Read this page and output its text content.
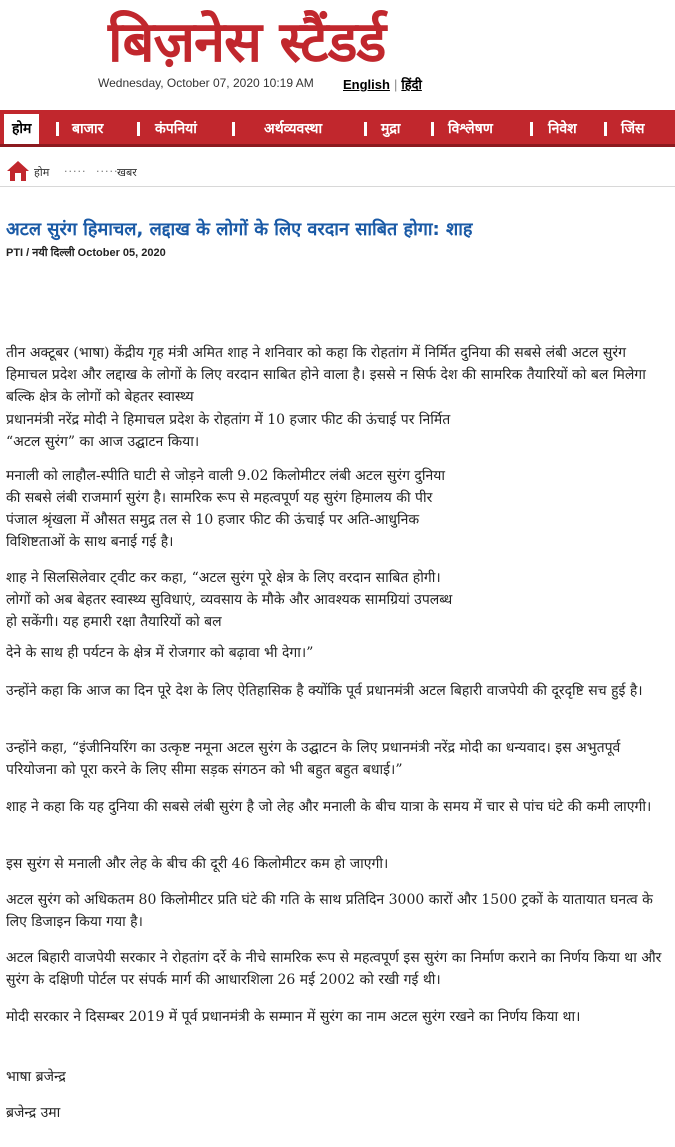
बिज़नेस स्टैंडर्ड
Wednesday, October 07, 2020 10:19 AM English | हिंदी
होम	बाजार	कंपनियां	अर्थव्यवस्था	मुद्रा	विश्लेषण	निवेश	जिंस
होम ····· ·····
खबर
अटल सुरंग हिमाचल, लद्दाख के लोगों के लिए वरदान साबित होगा: शाह
PTI / नयी दिल्ली October 05, 2020

तीन अक्टूबर (भाषा) केंद्रीय गृह मंत्री अमित शाह ने शनिवार को कहा कि रोहतांग में निर्मित दुनिया की सबसे लंबी अटल सुरंग हिमाचल प्रदेश और लद्दाख के लोगों के लिए वरदान साबित होने वाला है। इससे न सिर्फ देश की सामरिक तैयारियों को बल मिलेगा बल्कि क्षेत्र के लोगों को बेहतर स्वास्थ्य

प्रधानमंत्री नरेंद्र मोदी ने हिमाचल प्रदेश के रोहतांग में 10 हजार फीट की ऊंचाई पर निर्मित “अटल सुरंग” का आज उद्घाटन किया।

मनाली को लाहौल-स्पीति घाटी से जोड़ने वाली 9.02 किलोमीटर लंबी अटल सुरंग दुनिया की सबसे लंबी राजमार्ग सुरंग है। सामरिक रूप से महत्वपूर्ण यह सुरंग हिमालय की पीर पंजाल श्रृंखला में औसत समुद्र तल से 10 हजार फीट की ऊंचाई पर अति-आधुनिक विशिष्टताओं के साथ बनाई गई है।

शाह ने सिलसिलेवार ट्वीट कर कहा, “अटल सुरंग पूरे क्षेत्र के लिए वरदान साबित होगी। लोगों को अब बेहतर स्वास्थ्य सुविधाएं, व्यवसाय के मौके और आवश्यक सामग्रियां उपलब्ध हो सकेंगी। यह हमारी रक्षा तैयारियों को बल

देने के साथ ही पर्यटन के क्षेत्र में रोजगार को बढ़ावा भी देगा।”

उन्होंने कहा कि आज का दिन पूरे देश के लिए ऐतिहासिक है क्योंकि पूर्व प्रधानमंत्री अटल बिहारी वाजपेयी की दूरदृष्टि सच हुई है।

उन्होंने कहा, “इंजीनियरिंग का उत्कृष्ट नमूना अटल सुरंग के उद्घाटन के लिए प्रधानमंत्री नरेंद्र मोदी का धन्यवाद। इस अभुतपूर्व परियोजना को पूरा करने के लिए सीमा सड़क संगठन को भी बहुत बहुत बधाई।”

शाह ने कहा कि यह दुनिया की सबसे लंबी सुरंग है जो लेह और मनाली के बीच यात्रा के समय में चार से पांच घंटे की कमी लाएगी।

इस सुरंग से मनाली और लेह के बीच की दूरी 46 किलोमीटर कम हो जाएगी।

अटल सुरंग को अधिकतम 80 किलोमीटर प्रति घंटे की गति के साथ प्रतिदिन 3000 कारों और 1500 ट्रकों के यातायात घनत्व के लिए डिजाइन किया गया है।

अटल बिहारी वाजपेयी सरकार ने रोहतांग दर्रे के नीचे सामरिक रूप से महत्वपूर्ण इस सुरंग का निर्माण कराने का निर्णय किया था और सुरंग के दक्षिणी पोर्टल पर संपर्क मार्ग की आधारशिला 26 मई 2002 को रखी गई थी।

मोदी सरकार ने दिसम्बर 2019 में पूर्व प्रधानमंत्री के सम्मान में सुरंग का नाम अटल सुरंग रखने का निर्णय किया था।

भाषा ब्रजेन्द्र

ब्रजेन्द्र उमा
